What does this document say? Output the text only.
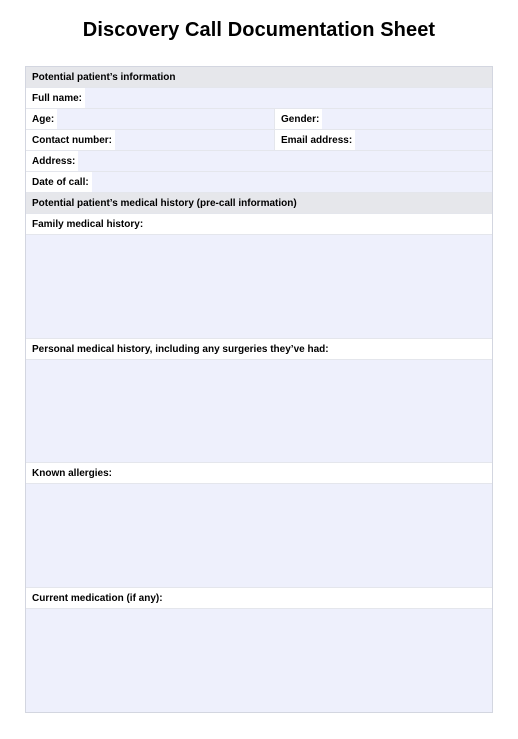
Discovery Call Documentation Sheet
Potential patient’s information
Full name:
Age:	Gender:
Contact number:	Email address:
Address:
Date of call:
Potential patient’s medical history (pre-call information)
Family medical history:
Personal medical history, including any surgeries they’ve had:
Known allergies:
Current medication (if any):
